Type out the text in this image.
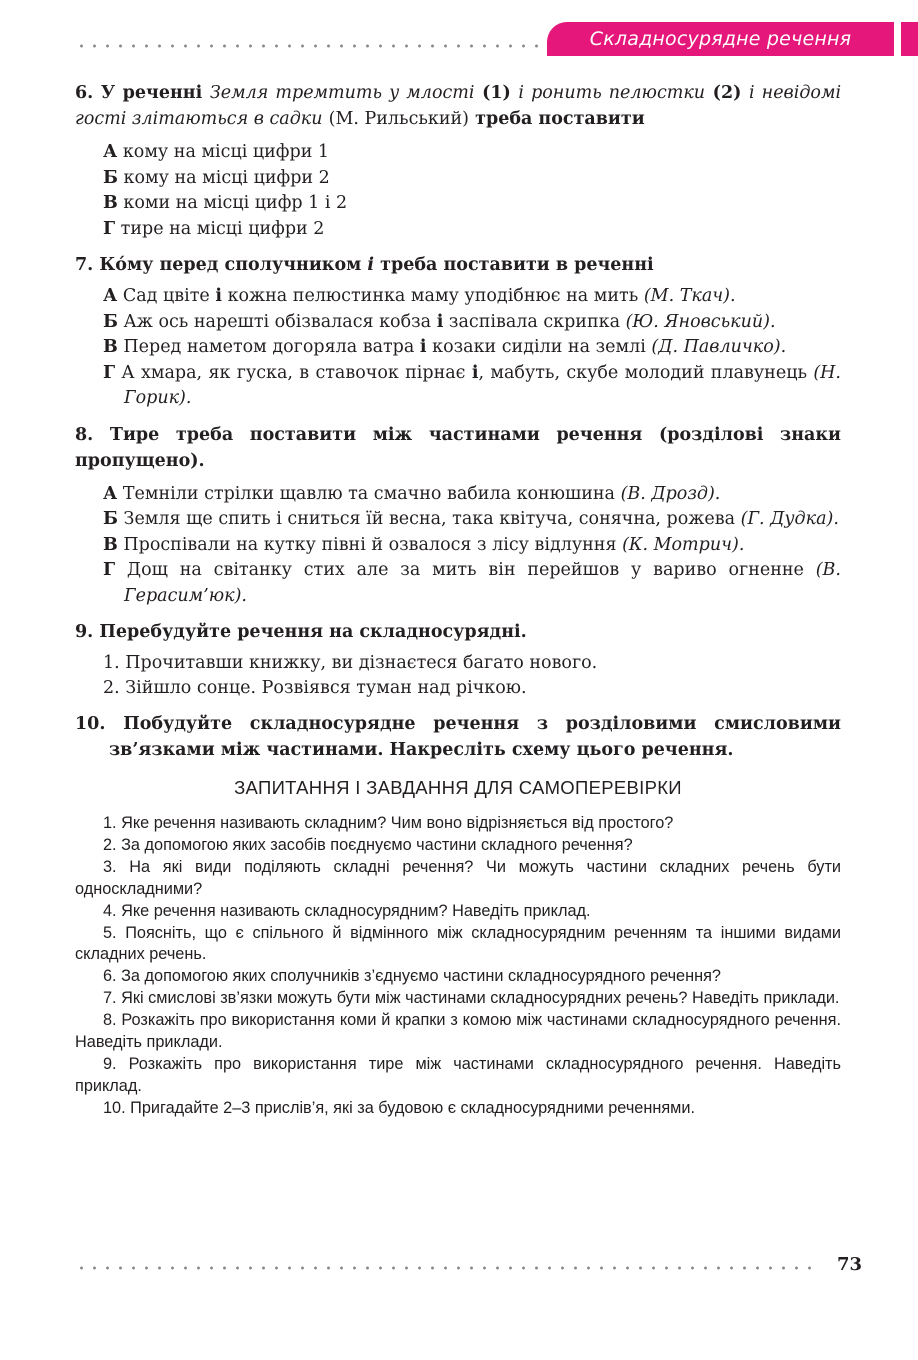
Складносурядне речення
6. У реченні Земля тремтить у млості (1) і ронить пелюстки (2) і невідомі гості злітаються в садки (М. Рильський) треба поставити
А кому на місці цифри 1
Б кому на місці цифри 2
В коми на місці цифр 1 і 2
Г тире на місці цифри 2
7. Ко́му перед сполучником і треба поставити в реченні
А Сад цвіте і кожна пелюстинка маму уподібнює на мить (М. Ткач).
Б Аж ось нарешті обізвалася кобза і заспівала скрипка (Ю. Яновський).
В Перед наметом догоряла ватра і козаки сиділи на землі (Д. Павличко).
Г А хмара, як гуска, в ставочок пірнає і, мабуть, скубе молодий плавунець (Н. Горик).
8. Тире треба поставити між частинами речення (розділові знаки пропущено).
А Темніли стрілки щавлю та смачно вабила конюшина (В. Дрозд).
Б Земля ще спить і сниться їй весна, така квітуча, сонячна, рожева (Г. Дудка).
В Проспівали на кутку півні й озвалося з лісу відлуння (К. Мотрич).
Г Дощ на світанку стих але за мить він перейшов у вариво огненне (В. Герасим’юк).
9. Перебудуйте речення на складносурядні.
1. Прочитавши книжку, ви дізнаєтеся багато нового.
2. Зійшло сонце. Розвіявся туман над річкою.
10. Побудуйте складносурядне речення з розділовими смисловими зв’язками між частинами. Накресліть схему цього речення.
ЗАПИТАННЯ І ЗАВДАННЯ ДЛЯ САМОПЕРЕВІРКИ
1. Яке речення називають складним? Чим воно відрізняється від простого?
2. За допомогою яких засобів поєднуємо частини складного речення?
3. На які види поділяють складні речення? Чи можуть частини складних речень бути односкладними?
4. Яке речення називають складносурядним? Наведіть приклад.
5. Поясніть, що є спільного й відмінного між складносурядним реченням та іншими видами складних речень.
6. За допомогою яких сполучників з’єднуємо частини складносурядного речення?
7. Які смислові зв’язки можуть бути між частинами складносурядних речень? Наведіть приклади.
8. Розкажіть про використання коми й крапки з комою між частинами складносурядного речення. Наведіть приклади.
9. Розкажіть про використання тире між частинами складносурядного речення. Наведіть приклад.
10. Пригадайте 2–3 прислів’я, які за будовою є складносурядними реченнями.
73
